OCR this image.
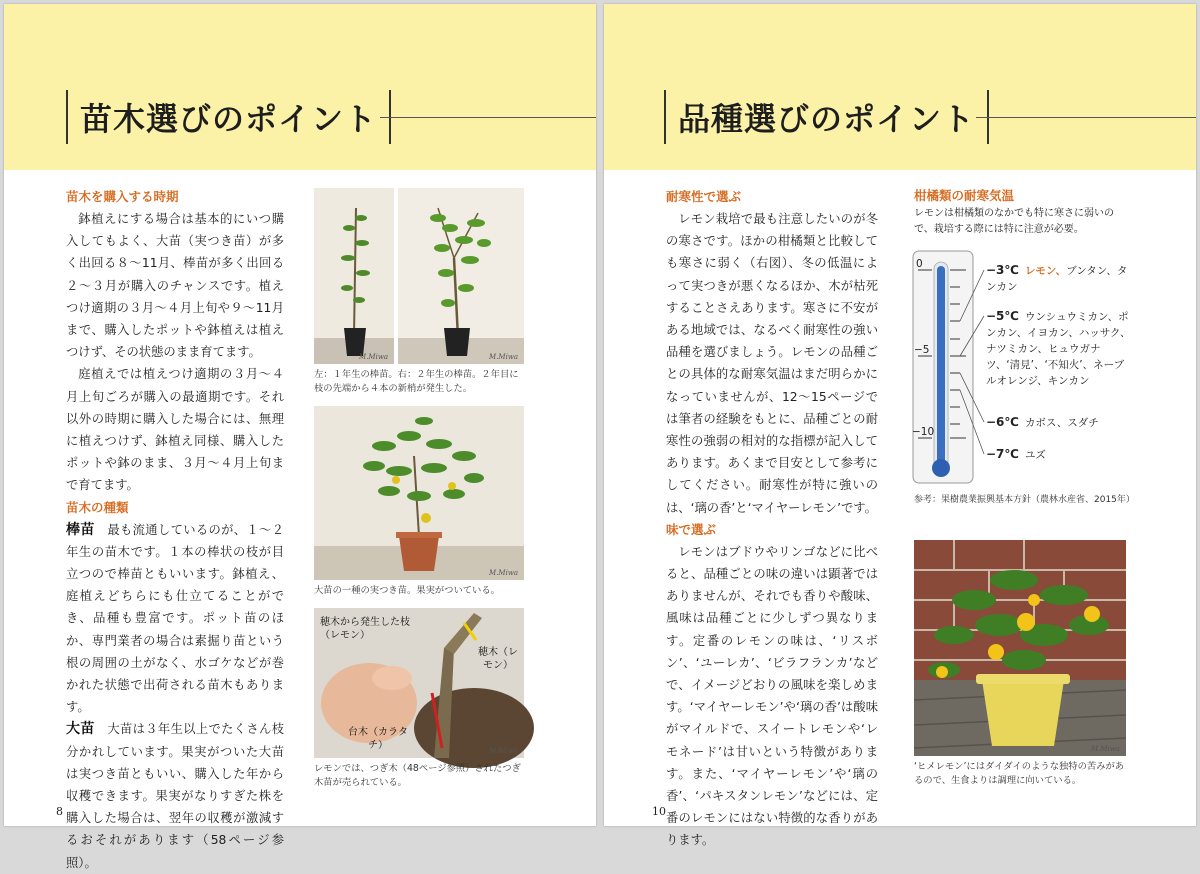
苗木選びのポイント
苗木を購入する時期

鉢植えにする場合は基本的にいつ購入してもよく、大苗（実つき苗）が多く出回る８～11月、棒苗が多く出回る２～３月が購入のチャンスです。植えつけ適期の３月～４月上旬や９～11月まで、購入したポットや鉢植えは植えつけず、その状態のまま育てます。

庭植えでは植えつけ適期の３月～４月上旬ごろが購入の最適期です。それ以外の時期に購入した場合には、無理に植えつけず、鉢植え同様、購入したポットや鉢のまま、３月～４月上旬まで育てます。

苗木の種類

棒苗　 最も流通しているのが、１～２年生の苗木です。１本の棒状の枝が目立つので棒苗ともいいます。鉢植え、庭植えどちらにも仕立てることができ、品種も豊富です。ポット苗のほか、専門業者の場合は素掘り苗という根の周囲の土がなく、水ゴケなどが巻かれた状態で出荷される苗木もあります。

大苗　 大苗は３年生以上でたくさん枝分かれしています。果実がついた大苗は実つき苗ともいい、購入した年から収穫できます。果実がなりすぎた株を購入した場合は、翌年の収穫が激減するおそれがあります（58ページ参照）。

M.Miwa	M.Miwa
左：１年生の棒苗。右：２年生の棒苗。２年目に枝の先端から４本の新梢が発生した。
M.Miwa
大苗の一種の実つき苗。果実がついている。
穂木から発生した枝（レモン）
穂木（レモン）
台木（カラタチ）	M.Miwa
レモンでは、つぎ木（48ページ参照）されたつぎ木苗が売られている。
8
品種選びのポイント
耐寒性で選ぶ

レモン栽培で最も注意したいのが冬の寒さです。ほかの柑橘類と比較しても寒さに弱く（右図）、冬の低温によって実つきが悪くなるほか、木が枯死することさえあります。寒さに不安がある地域では、なるべく耐寒性の強い品種を選びましょう。レモンの品種ごとの具体的な耐寒気温はまだ明らかになっていませんが、12～15ページでは筆者の経験をもとに、品種ごとの耐寒性の強弱の相対的な指標が記入してあります。あくまで目安として参考にしてください。耐寒性が特に強いのは、‘璃の香’と‘マイヤーレモン’です。

味で選ぶ

レモンはブドウやリンゴなどに比べると、品種ごとの味の違いは顕著ではありませんが、それでも香りや酸味、風味は品種ごとに少しずつ異なります。定番のレモンの味は、‘リスボン’、‘ユーレカ’、‘ビラフランカ’などで、イメージどおりの風味を楽しめます。‘マイヤーレモン’や‘璃の香’は酸味がマイルドで、スイートレモンや‘レモネード’は甘いという特徴があります。また、‘マイヤーレモン’や‘璃の香’、‘パキスタンレモン’などには、定番のレモンにはない特徴的な香りがあります。

柑橘類の耐寒気温
レモンは柑橘類のなかでも特に寒さに弱いので、栽培する際には特に注意が必要。
0
−5
−10
−3℃ レモン、ブンタン、タンカン
−5℃ ウンシュウミカン、ポンカン、イヨカン、ハッサク、ナツミカン、ヒュウガナツ、‘清見’、‘不知火’、ネーブルオレンジ、キンカン
−6℃ カボス、スダチ
−7℃ ユズ
参考：果樹農業振興基本方針（農林水産省、2015年）
M.Miwa
‘ヒメレモン’にはダイダイのような独特の苦みがあるので、生食よりは調理に向いている。
10
